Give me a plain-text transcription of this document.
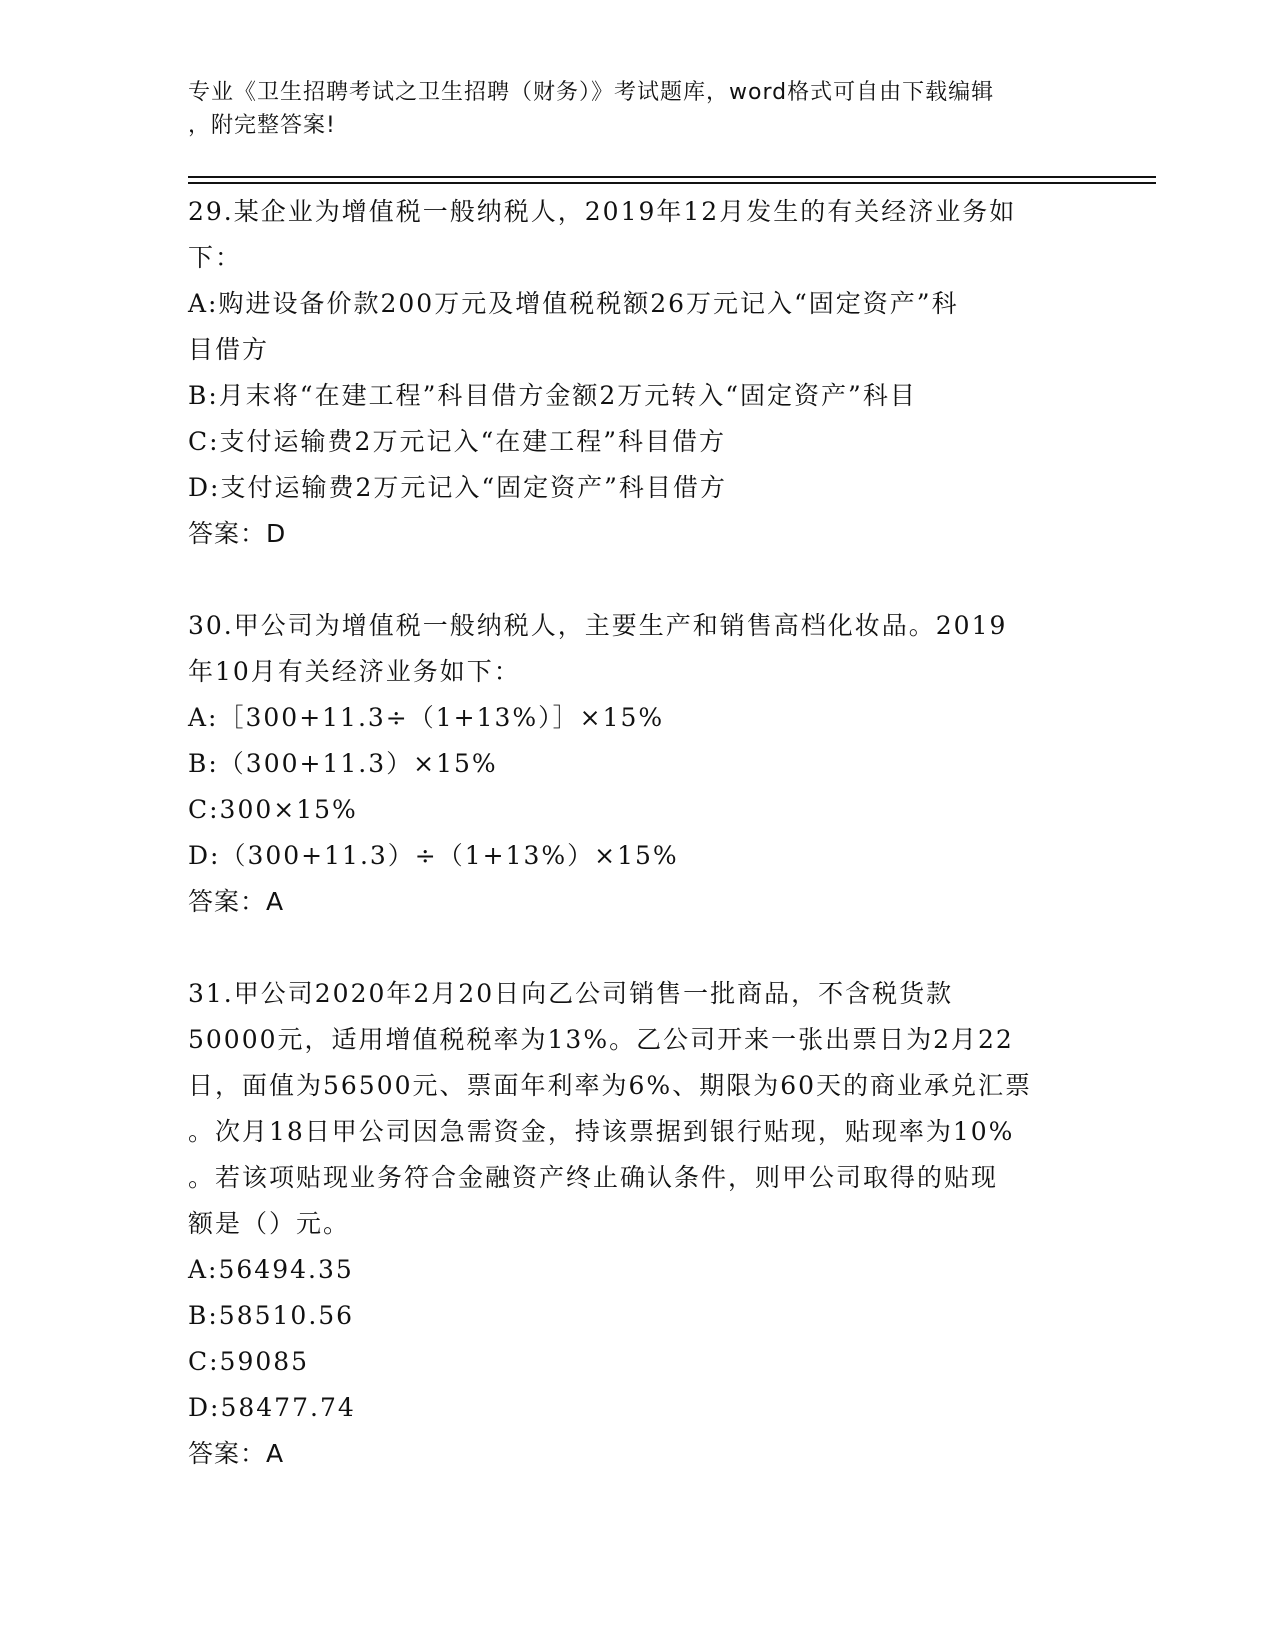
专业《卫生招聘考试之卫生招聘（财务）》考试题库，word格式可自由下载编辑
，附完整答案!
29.某企业为增值税一般纳税人，2019年12月发生的有关经济业务如
下：
A:购进设备价款200万元及增值税税额26万元记入“固定资产”科
目借方
B:月末将“在建工程”科目借方金额2万元转入“固定资产”科目
C:支付运输费2万元记入“在建工程”科目借方
D:支付运输费2万元记入“固定资产”科目借方
答案：D
30.甲公司为增值税一般纳税人，主要生产和销售高档化妆品。2019
年10月有关经济业务如下：
A:［300+11.3÷（1+13%）］×15%
B:（300+11.3）×15%
C:300×15%
D:（300+11.3）÷（1+13%）×15%
答案：A
31.甲公司2020年2月20日向乙公司销售一批商品，不含税货款
50000元，适用增值税税率为13%。乙公司开来一张出票日为2月22
日，面值为56500元、票面年利率为6%、期限为60天的商业承兑汇票
。次月18日甲公司因急需资金，持该票据到银行贴现，贴现率为10%
。若该项贴现业务符合金融资产终止确认条件，则甲公司取得的贴现
额是（）元。
A:56494.35
B:58510.56
C:59085
D:58477.74
答案：A
